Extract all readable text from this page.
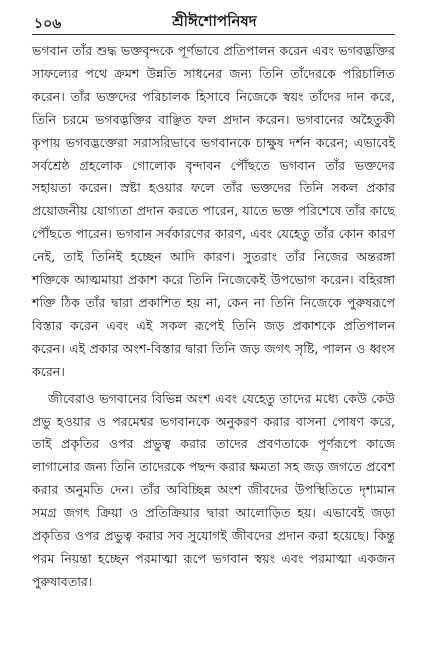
১০৬	শ্রীঈশোপনিষদ

ভগবান তাঁর শুদ্ধ ভক্তবৃন্দকে পূর্ণভাবে প্রতিপালন করেন এবং ভগবদ্ভক্তির সাফল্যের পথে ক্রমশ উন্নতি সাধনের জন্য তিনি তাঁদেরকে পরিচালিত করেন। তাঁর ভক্তদের পরিচালক হিসাবে নিজেকে স্বয়ং তাঁদের দান করে, তিনি চরমে ভগবদ্ভক্তির বাঞ্ছিত ফল প্রদান করেন। ভগবানের অহৈতুকী কৃপায় ভগবদ্ভক্তেরা সরাসরিভাবে ভগবানকে চাক্ষুষ দর্শন করেন; এভাবেই সর্বশ্রেষ্ঠ গ্রহলোক গোলোক বৃন্দাবন পৌঁছতে ভগবান তাঁর ভক্তদের সহায়তা করেন। স্রষ্টা হওয়ার ফলে তাঁর ভক্তদের তিনি সকল প্রকার প্রয়োজনীয় যোগ্যতা প্রদান করতে পারেন, যাতে ভক্ত পরিশেষে তাঁর কাছে পৌঁছতে পারেন। ভগবান সর্বকারণের কারণ, এবং যেহেতু তাঁর কোন কারণ নেই, তাই তিনিই হচ্ছেন আদি কারণ। সুতরাং তাঁর নিজের অন্তরঙ্গা শক্তিকে আত্মমায়া প্রকাশ করে তিনি নিজেকেই উপভোগ করেন। বহিরঙ্গা শক্তি ঠিক তাঁর দ্বারা প্রকাশিত হয় না, কেন না তিনি নিজেকে পুরুষরূপে বিস্তার করেন এবং এই সকল রূপেই তিনি জড় প্রকাশকে প্রতিপালন করেন। এই প্রকার অংশ-বিস্তার দ্বারা তিনি জড় জগৎ সৃষ্টি, পালন ও ধ্বংস করেন।

জীবেরাও ভগবানের বিভিন্ন অংশ এবং যেহেতু তাদের মধ্যে কেউ কেউ প্রভু হওয়ার ও পরমেশ্বর ভগবানকে অনুকরণ করার বাসনা পোষণ করে, তাই প্রকৃতির ওপর প্রভুত্ব করার তাদের প্রবণতাকে পূর্ণরূপে কাজে লাগানোর জন্য তিনি তাদেরকে পছন্দ করার ক্ষমতা সহ জড় জগতে প্রবেশ করার অনুমতি দেন। তাঁর অবিচ্ছিন্ন অংশ জীবদের উপস্থিতিতে দৃশ্যমান সমগ্র জগৎ ক্রিয়া ও প্রতিক্রিয়ার দ্বারা আলোড়িত হয়। এভাবেই জড়া প্রকৃতির ওপর প্রভুত্ব করার সব সুযোগই জীবদের প্রদান করা হয়েছে। কিন্তু পরম নিয়ন্তা হচ্ছেন পরমাত্মা রূপে ভগবান স্বয়ং এবং পরমাত্মা একজন পুরুষাবতার।
